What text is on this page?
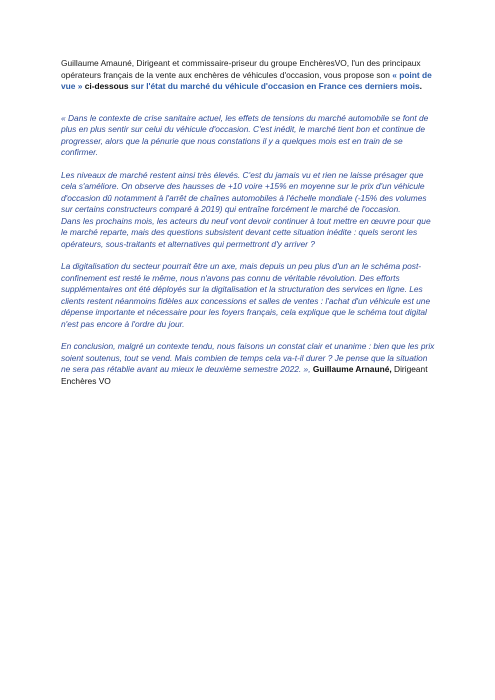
Guillaume Amauné, Dirigeant et commissaire-priseur du groupe EnchèresVO, l'un des principaux opérateurs français de la vente aux enchères de véhicules d'occasion, vous propose son « point de vue » ci-dessous sur l'état du marché du véhicule d'occasion en France ces derniers mois.

« Dans le contexte de crise sanitaire actuel, les effets de tensions du marché automobile se font de plus en plus sentir sur celui du véhicule d'occasion. C'est inédit, le marché tient bon et continue de progresser, alors que la pénurie que nous constations il y a quelques mois est en train de se confirmer.

Les niveaux de marché restent ainsi très élevés. C'est du jamais vu et rien ne laisse présager que cela s'améliore. On observe des hausses de +10 voire +15% en moyenne sur le prix d'un véhicule d'occasion dû notamment à l'arrêt de chaînes automobiles à l'échelle mondiale (-15% des volumes sur certains constructeurs comparé à 2019) qui entraîne forcément le marché de l'occasion.

Dans les prochains mois, les acteurs du neuf vont devoir continuer à tout mettre en œuvre pour que le marché reparte, mais des questions subsistent devant cette situation inédite : quels seront les opérateurs, sous-traitants et alternatives qui permettront d'y arriver ?

La digitalisation du secteur pourrait être un axe, mais depuis un peu plus d'un an le schéma post-confinement est resté le même, nous n'avons pas connu de véritable révolution. Des efforts supplémentaires ont été déployés sur la digitalisation et la structuration des services en ligne. Les clients restent néanmoins fidèles aux concessions et salles de ventes : l'achat d'un véhicule est une dépense importante et nécessaire pour les foyers français, cela explique que le schéma tout digital n'est pas encore à l'ordre du jour.

En conclusion, malgré un contexte tendu, nous faisons un constat clair et unanime : bien que les prix soient soutenus, tout se vend. Mais combien de temps cela va-t-il durer ? Je pense que la situation ne sera pas rétablie avant au mieux le deuxième semestre 2022. », Guillaume Arnauné, Dirigeant Enchères VO
